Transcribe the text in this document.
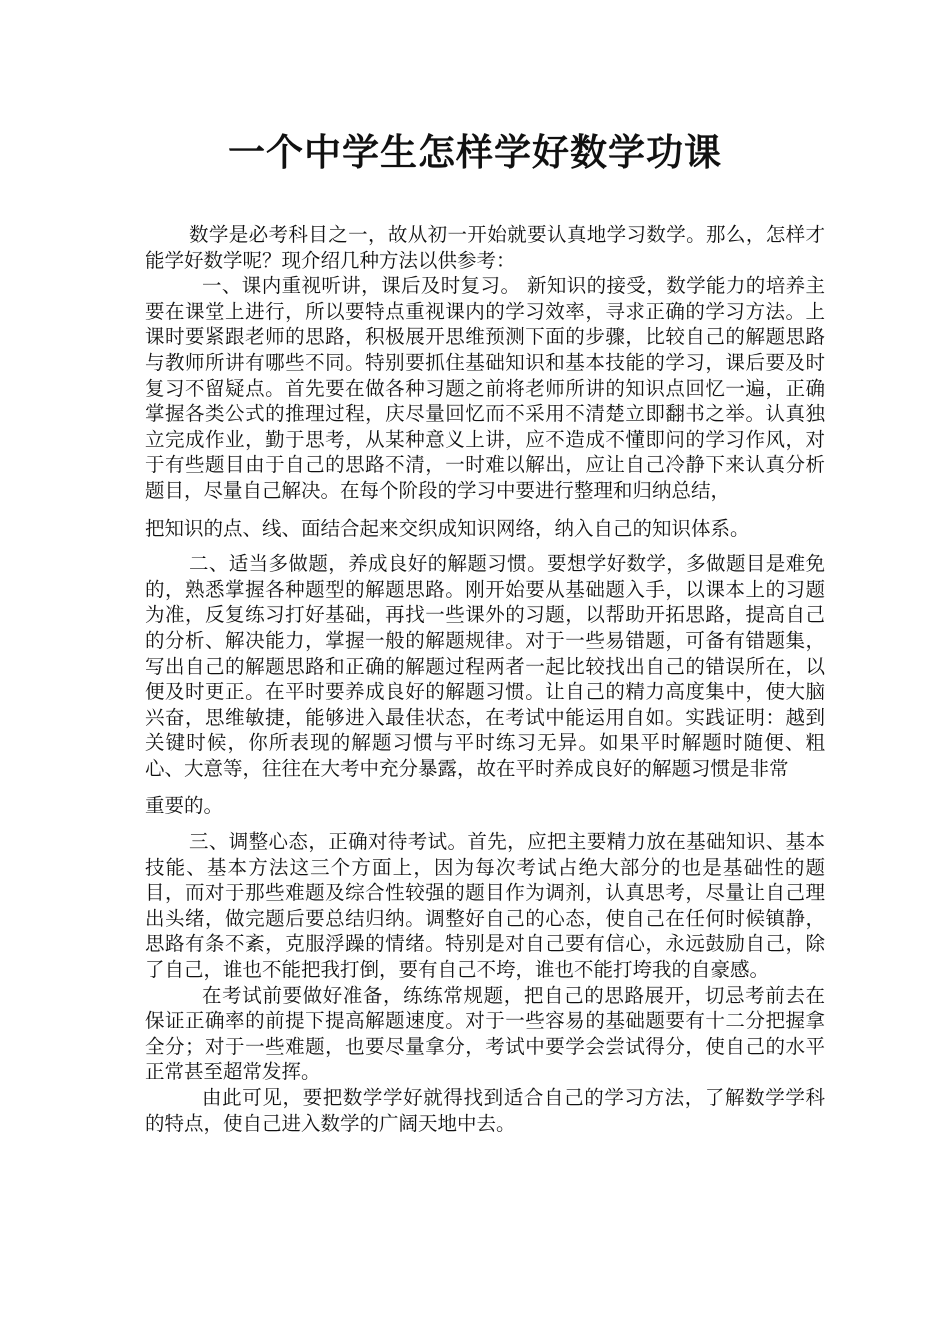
一个中学生怎样学好数学功课

数学是必考科目之一，故从初一开始就要认真地学习数学。那么，怎样才能学好数学呢？现介绍几种方法以供参考：

一、课内重视听讲，课后及时复习。 新知识的接受，数学能力的培养主要在课堂上进行，所以要特点重视课内的学习效率，寻求正确的学习方法。上课时要紧跟老师的思路，积极展开思维预测下面的步骤，比较自己的解题思路与教师所讲有哪些不同。特别要抓住基础知识和基本技能的学习，课后要及时复习不留疑点。首先要在做各种习题之前将老师所讲的知识点回忆一遍，正确掌握各类公式的推理过程，庆尽量回忆而不采用不清楚立即翻书之举。认真独立完成作业，勤于思考，从某种意义上讲，应不造成不懂即问的学习作风，对于有些题目由于自己的思路不清，一时难以解出，应让自己冷静下来认真分析题目，尽量自己解决。在每个阶段的学习中要进行整理和归纳总结，

把知识的点、线、面结合起来交织成知识网络，纳入自己的知识体系。

二、适当多做题，养成良好的解题习惯。要想学好数学，多做题目是难免的，熟悉掌握各种题型的解题思路。刚开始要从基础题入手，以课本上的习题为准，反复练习打好基础，再找一些课外的习题，以帮助开拓思路，提高自己的分析、解决能力，掌握一般的解题规律。对于一些易错题，可备有错题集，写出自己的解题思路和正确的解题过程两者一起比较找出自己的错误所在，以便及时更正。在平时要养成良好的解题习惯。让自己的精力高度集中，使大脑兴奋，思维敏捷，能够进入最佳状态，在考试中能运用自如。实践证明：越到关键时候，你所表现的解题习惯与平时练习无异。如果平时解题时随便、粗心、大意等，往往在大考中充分暴露，故在平时养成良好的解题习惯是非常

重要的。

三、调整心态，正确对待考试。首先，应把主要精力放在基础知识、基本技能、基本方法这三个方面上，因为每次考试占绝大部分的也是基础性的题目，而对于那些难题及综合性较强的题目作为调剂，认真思考，尽量让自己理出头绪，做完题后要总结归纳。调整好自己的心态，使自己在任何时候镇静，思路有条不紊，克服浮躁的情绪。特别是对自己要有信心，永远鼓励自己，除了自己，谁也不能把我打倒，要有自己不垮，谁也不能打垮我的自豪感。

在考试前要做好准备，练练常规题，把自己的思路展开，切忌考前去在保证正确率的前提下提高解题速度。对于一些容易的基础题要有十二分把握拿全分；对于一些难题，也要尽量拿分，考试中要学会尝试得分，使自己的水平正常甚至超常发挥。

由此可见，要把数学学好就得找到适合自己的学习方法，了解数学学科的特点，使自己进入数学的广阔天地中去。
